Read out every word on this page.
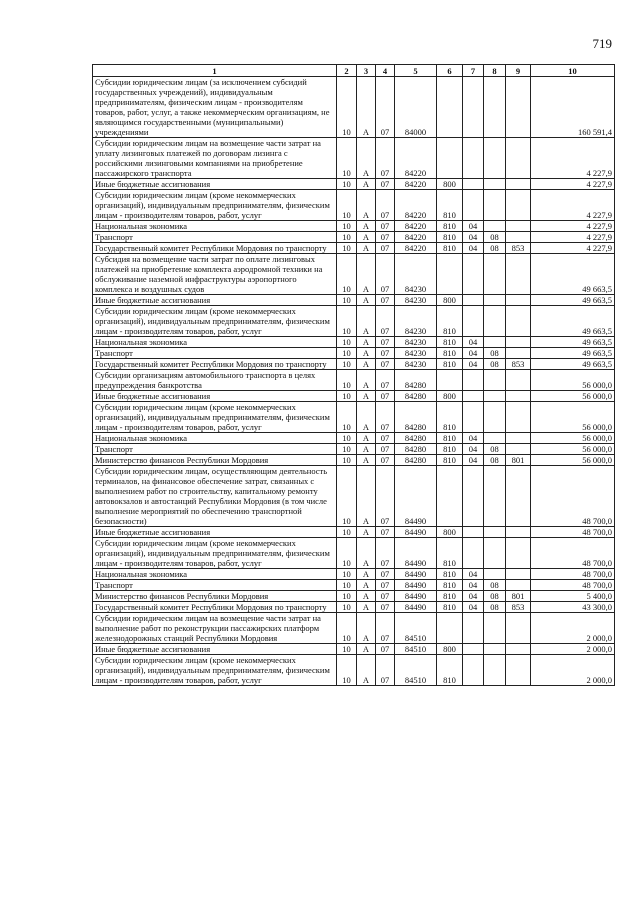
719
1	2	3	4	5	6	7	8	9	10
Субсидии юридическим лицам (за исключением субсидий государственных учреждений), индивидуальным предпринимателям, физическим лицам - производителям товаров, работ, услуг, а также некоммерческим организациям, не являющимся государственными (муниципальными) учреждениями	10	А	07	84000					160 591,4
Субсидии юридическим лицам на возмещение части затрат на уплату лизинговых платежей по договорам лизинга с российскими лизинговыми компаниями на приобретение пассажирского транспорта	10	А	07	84220					4 227,9
Иные бюджетные ассигнования	10	А	07	84220	800				4 227,9
Субсидии юридическим лицам (кроме некоммерческих организаций), индивидуальным предпринимателям, физическим лицам - производителям товаров, работ, услуг	10	А	07	84220	810				4 227,9
Национальная экономика	10	А	07	84220	810	04			4 227,9
Транспорт	10	А	07	84220	810	04	08		4 227,9
Государственный комитет Республики Мордовия по транспорту	10	А	07	84220	810	04	08	853	4 227,9
Субсидия на возмещение части затрат по оплате лизинговых платежей на приобретение комплекта аэродромной техники на обслуживание наземной инфраструктуры аэропортного комплекса и воздушных судов	10	А	07	84230					49 663,5
Иные бюджетные ассигнования	10	А	07	84230	800				49 663,5
Субсидии юридическим лицам (кроме некоммерческих организаций), индивидуальным предпринимателям, физическим лицам - производителям товаров, работ, услуг	10	А	07	84230	810				49 663,5
Национальная экономика	10	А	07	84230	810	04			49 663,5
Транспорт	10	А	07	84230	810	04	08		49 663,5
Государственный комитет Республики Мордовия по транспорту	10	А	07	84230	810	04	08	853	49 663,5
Субсидии организациям автомобильного транспорта в целях предупреждения банкротства	10	А	07	84280					56 000,0
Иные бюджетные ассигнования	10	А	07	84280	800				56 000,0
Субсидии юридическим лицам (кроме некоммерческих организаций), индивидуальным предпринимателям, физическим лицам - производителям товаров, работ, услуг	10	А	07	84280	810				56 000,0
Национальная экономика	10	А	07	84280	810	04			56 000,0
Транспорт	10	А	07	84280	810	04	08		56 000,0
Министерство финансов Республики Мордовия	10	А	07	84280	810	04	08	801	56 000,0
Субсидии юридическим лицам, осуществляющим деятельность терминалов, на финансовое обеспечение затрат, связанных с выполнением работ по строительству, капитальному ремонту автовокзалов и автостанций Республики Мордовия (в том числе выполнение мероприятий по обеспечению транспортной безопасности)	10	А	07	84490					48 700,0
Иные бюджетные ассигнования	10	А	07	84490	800				48 700,0
Субсидии юридическим лицам (кроме некоммерческих организаций), индивидуальным предпринимателям, физическим лицам - производителям товаров, работ, услуг	10	А	07	84490	810				48 700,0
Национальная экономика	10	А	07	84490	810	04			48 700,0
Транспорт	10	А	07	84490	810	04	08		48 700,0
Министерство финансов Республики Мордовия	10	А	07	84490	810	04	08	801	5 400,0
Государственный комитет Республики Мордовия по транспорту	10	А	07	84490	810	04	08	853	43 300,0
Субсидии юридическим лицам на возмещение части затрат на выполнение работ по реконструкции пассажирских платформ железнодорожных станций Республики Мордовия	10	А	07	84510					2 000,0
Иные бюджетные ассигнования	10	А	07	84510	800				2 000,0
Субсидии юридическим лицам (кроме некоммерческих организаций), индивидуальным предпринимателям, физическим лицам - производителям товаров, работ, услуг	10	А	07	84510	810				2 000,0
